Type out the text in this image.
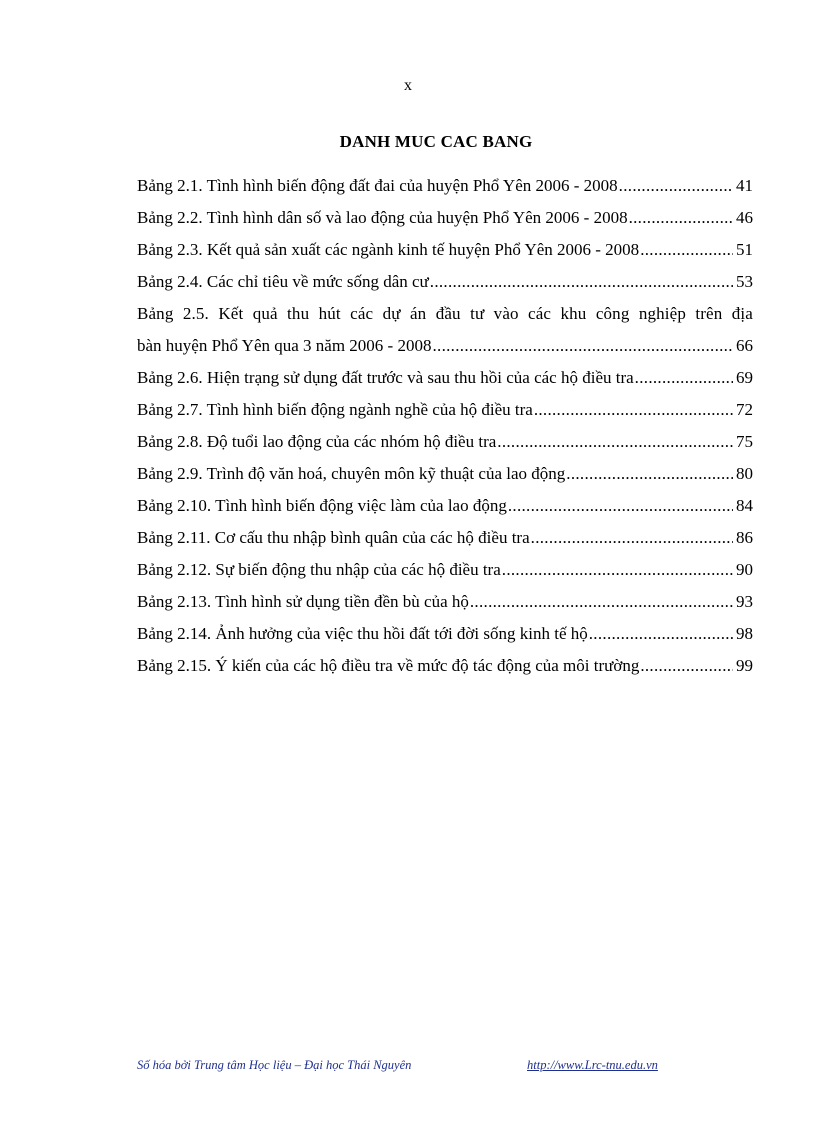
x
DANH MUC CAC BANG
Bảng 2.1. Tình hình biến động đất đai của huyện Phổ Yên 2006 - 2008 .....	41
Bảng 2.2. Tình hình dân số và lao động của huyện Phổ Yên 2006 - 2008 .....	46
Bảng 2.3. Kết quả sản xuất các ngành kinh tế huyện Phổ Yên 2006 - 2008 .....	51
Bảng 2.4. Các chỉ tiêu về mức sống dân cư .....	53
Bảng 2.5. Kết quả thu hút các dự án đầu tư vào các khu công nghiệp trên địa
bàn huyện Phổ Yên qua 3 năm 2006 - 2008 .....	66
Bảng 2.6. Hiện trạng sử dụng đất trước và sau thu hồi của các hộ điều tra .....	69
Bảng 2.7. Tình hình biến động ngành nghề của hộ điều tra .....	72
Bảng 2.8. Độ tuổi lao động của các nhóm hộ điều tra .....	75
Bảng 2.9. Trình độ văn hoá, chuyên môn kỹ thuật của lao động .....	80
Bảng 2.10. Tình hình biến động việc làm của lao động .....	84
Bảng 2.11. Cơ cấu thu nhập bình quân của các hộ điều tra .....	86
Bảng 2.12. Sự biến động thu nhập của các hộ điều tra .....	90
Bảng 2.13. Tình hình sử dụng tiền đền bù của hộ .....	93
Bảng 2.14. Ảnh hưởng của việc thu hồi đất tới đời sống kinh tế hộ .....	98
Bảng 2.15. Ý kiến của các hộ điều tra về mức độ tác động của môi trường .....	99
Số hóa bởi Trung tâm Học liệu – Đại học Thái Nguyên	http://www.Lrc-tnu.edu.vn
